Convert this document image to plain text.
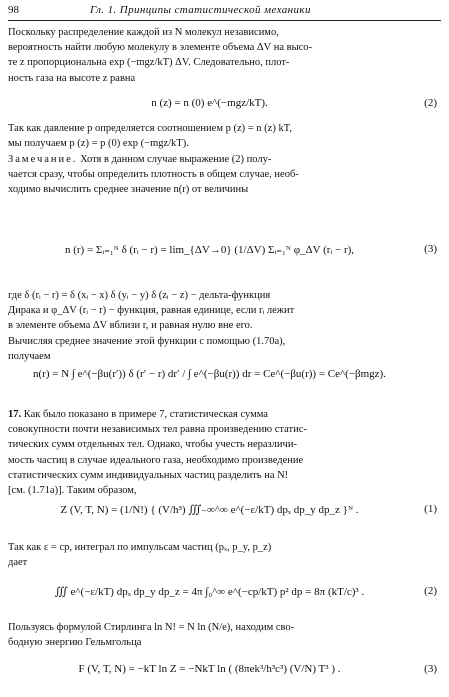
98	Гл. 1. Принципы статистической механики
Поскольку распределение каждой из N молекул независимо,
вероятность найти любую молекулу в элементе объема ΔV на высо-
те z пропорциональна exp (−mgz/kT) ΔV. Следовательно, плот-
ность газа на высоте z равна
n (z) = n (0) e^(−mgz/kT).	(2)
Так как давление p определяется соотношением p (z) = n (z) kT,
мы получаем p (z) = p (0) exp (−mgz/kT).
Замечание. Хотя в данном случае выражение (2) полу-
чается сразу, чтобы определить плотность в общем случае, необ-
ходимо вычислить среднее значение n(r) от величины
n (r) = Σᵢ₌₁ᴺ δ (rᵢ − r) = lim_{ΔV→0} (1/ΔV) Σᵢ₌₁ᴺ φ_ΔV (rᵢ − r),	(3)
где δ (rᵢ − r) = δ (xᵢ − x) δ (yᵢ − y) δ (zᵢ − z) − дельта-функция
Дирака и φ_ΔV (rᵢ − r) − функция, равная единице, если rᵢ лежит
в элементе объема ΔV вблизи r, и равная нулю вне его.
Вычисляя среднее значение этой функции с помощью (1.70а),
получаем
n(r) = N ∫ e^(−βu(r′)) δ (r′ − r) dr′ / ∫ e^(−βu(r)) dr = Ce^(−βu(r)) = Ce^(−βmgz).
17. Как было показано в примере 7, статистическая сумма
совокупности почти независимых тел равна произведению статис-
тических сумм отдельных тел. Однако, чтобы учесть неразличи-
мость частиц в случае идеального газа, необходимо произведение
статистических сумм индивидуальных частиц разделить на N!
[см. (1.71а)]. Таким образом,
Z (V, T, N) = (1/N!) { (V/h³) ∭₋∞^∞ e^(−ε/kT) dpₓ dp_y dp_z }ᴺ .	(1)
Так как ε = cp, интеграл по импульсам частиц (pₓ, p_y, p_z)
дает
∭ e^(−ε/kT) dpₓ dp_y dp_z = 4π ∫₀^∞ e^(−cp/kT) p² dp = 8π (kT/c)³ .	(2)
Пользуясь формулой Стирлинга ln N! = N ln (N/e), находим сво-
бодную энергию Гельмгольца
F (V, T, N) = −kT ln Z = −NkT ln ( (8πek³/h³c³) (V/N) T³ ) .	(3)
